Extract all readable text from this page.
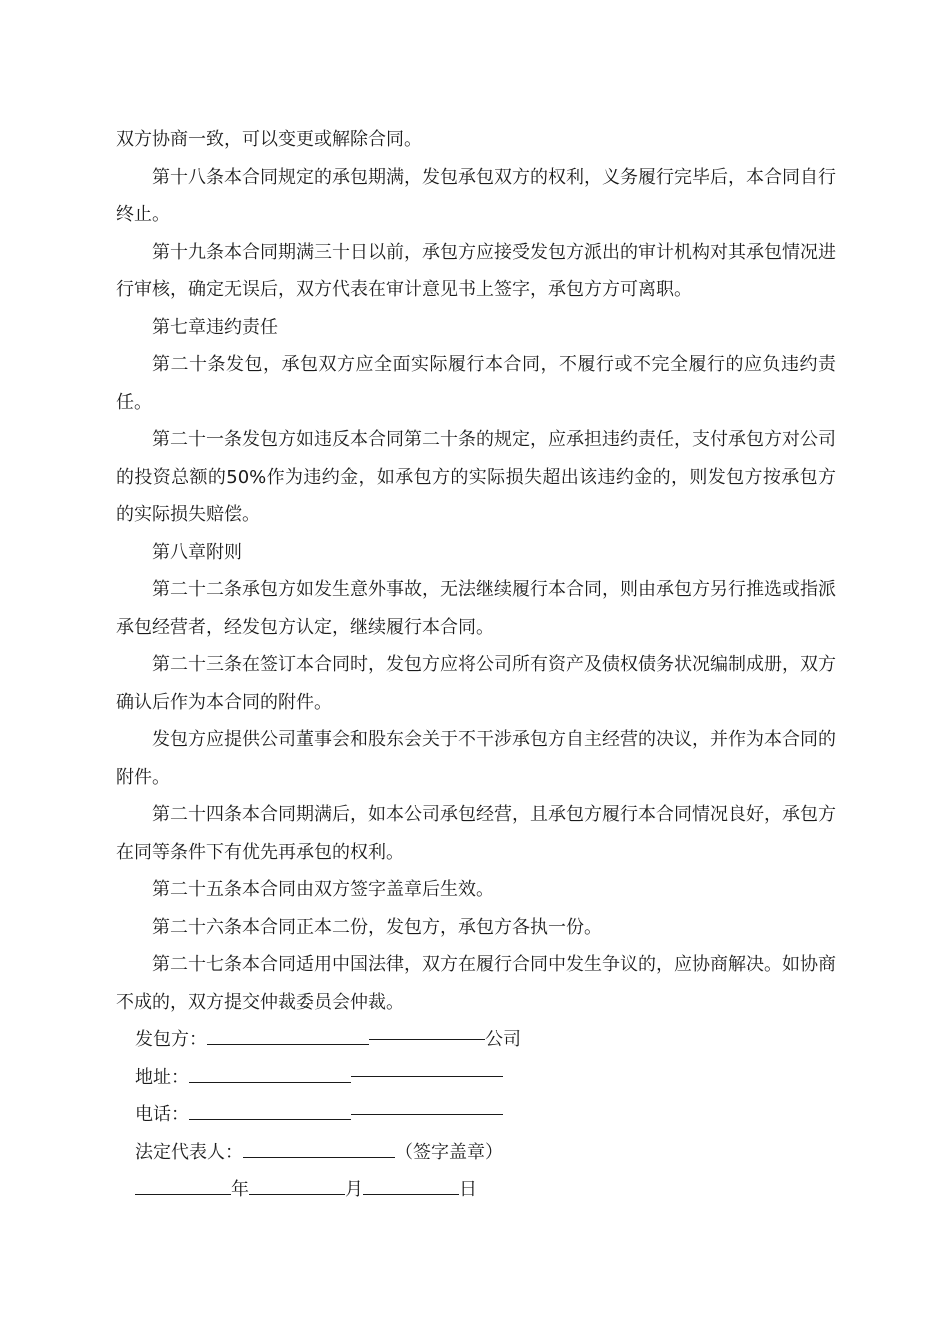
双方协商一致，可以变更或解除合同。

第十八条本合同规定的承包期满，发包承包双方的权利，义务履行完毕后，本合同自行终止。

第十九条本合同期满三十日以前，承包方应接受发包方派出的审计机构对其承包情况进行审核，确定无误后，双方代表在审计意见书上签字，承包方方可离职。

第七章违约责任

第二十条发包，承包双方应全面实际履行本合同，不履行或不完全履行的应负违约责任。

第二十一条发包方如违反本合同第二十条的规定，应承担违约责任，支付承包方对公司的投资总额的50%作为违约金，如承包方的实际损失超出该违约金的，则发包方按承包方的实际损失赔偿。

第八章附则

第二十二条承包方如发生意外事故，无法继续履行本合同，则由承包方另行推选或指派承包经营者，经发包方认定，继续履行本合同。

第二十三条在签订本合同时，发包方应将公司所有资产及债权债务状况编制成册，双方确认后作为本合同的附件。

发包方应提供公司董事会和股东会关于不干涉承包方自主经营的决议，并作为本合同的附件。

第二十四条本合同期满后，如本公司承包经营，且承包方履行本合同情况良好，承包方在同等条件下有优先再承包的权利。

第二十五条本合同由双方签字盖章后生效。

第二十六条本合同正本二份，发包方，承包方各执一份。

第二十七条本合同适用中国法律，双方在履行合同中发生争议的，应协商解决。如协商不成的，双方提交仲裁委员会仲裁。

发包方：	公司

地址：

电话：

法定代表人：	（签字盖章）

年	月	日
